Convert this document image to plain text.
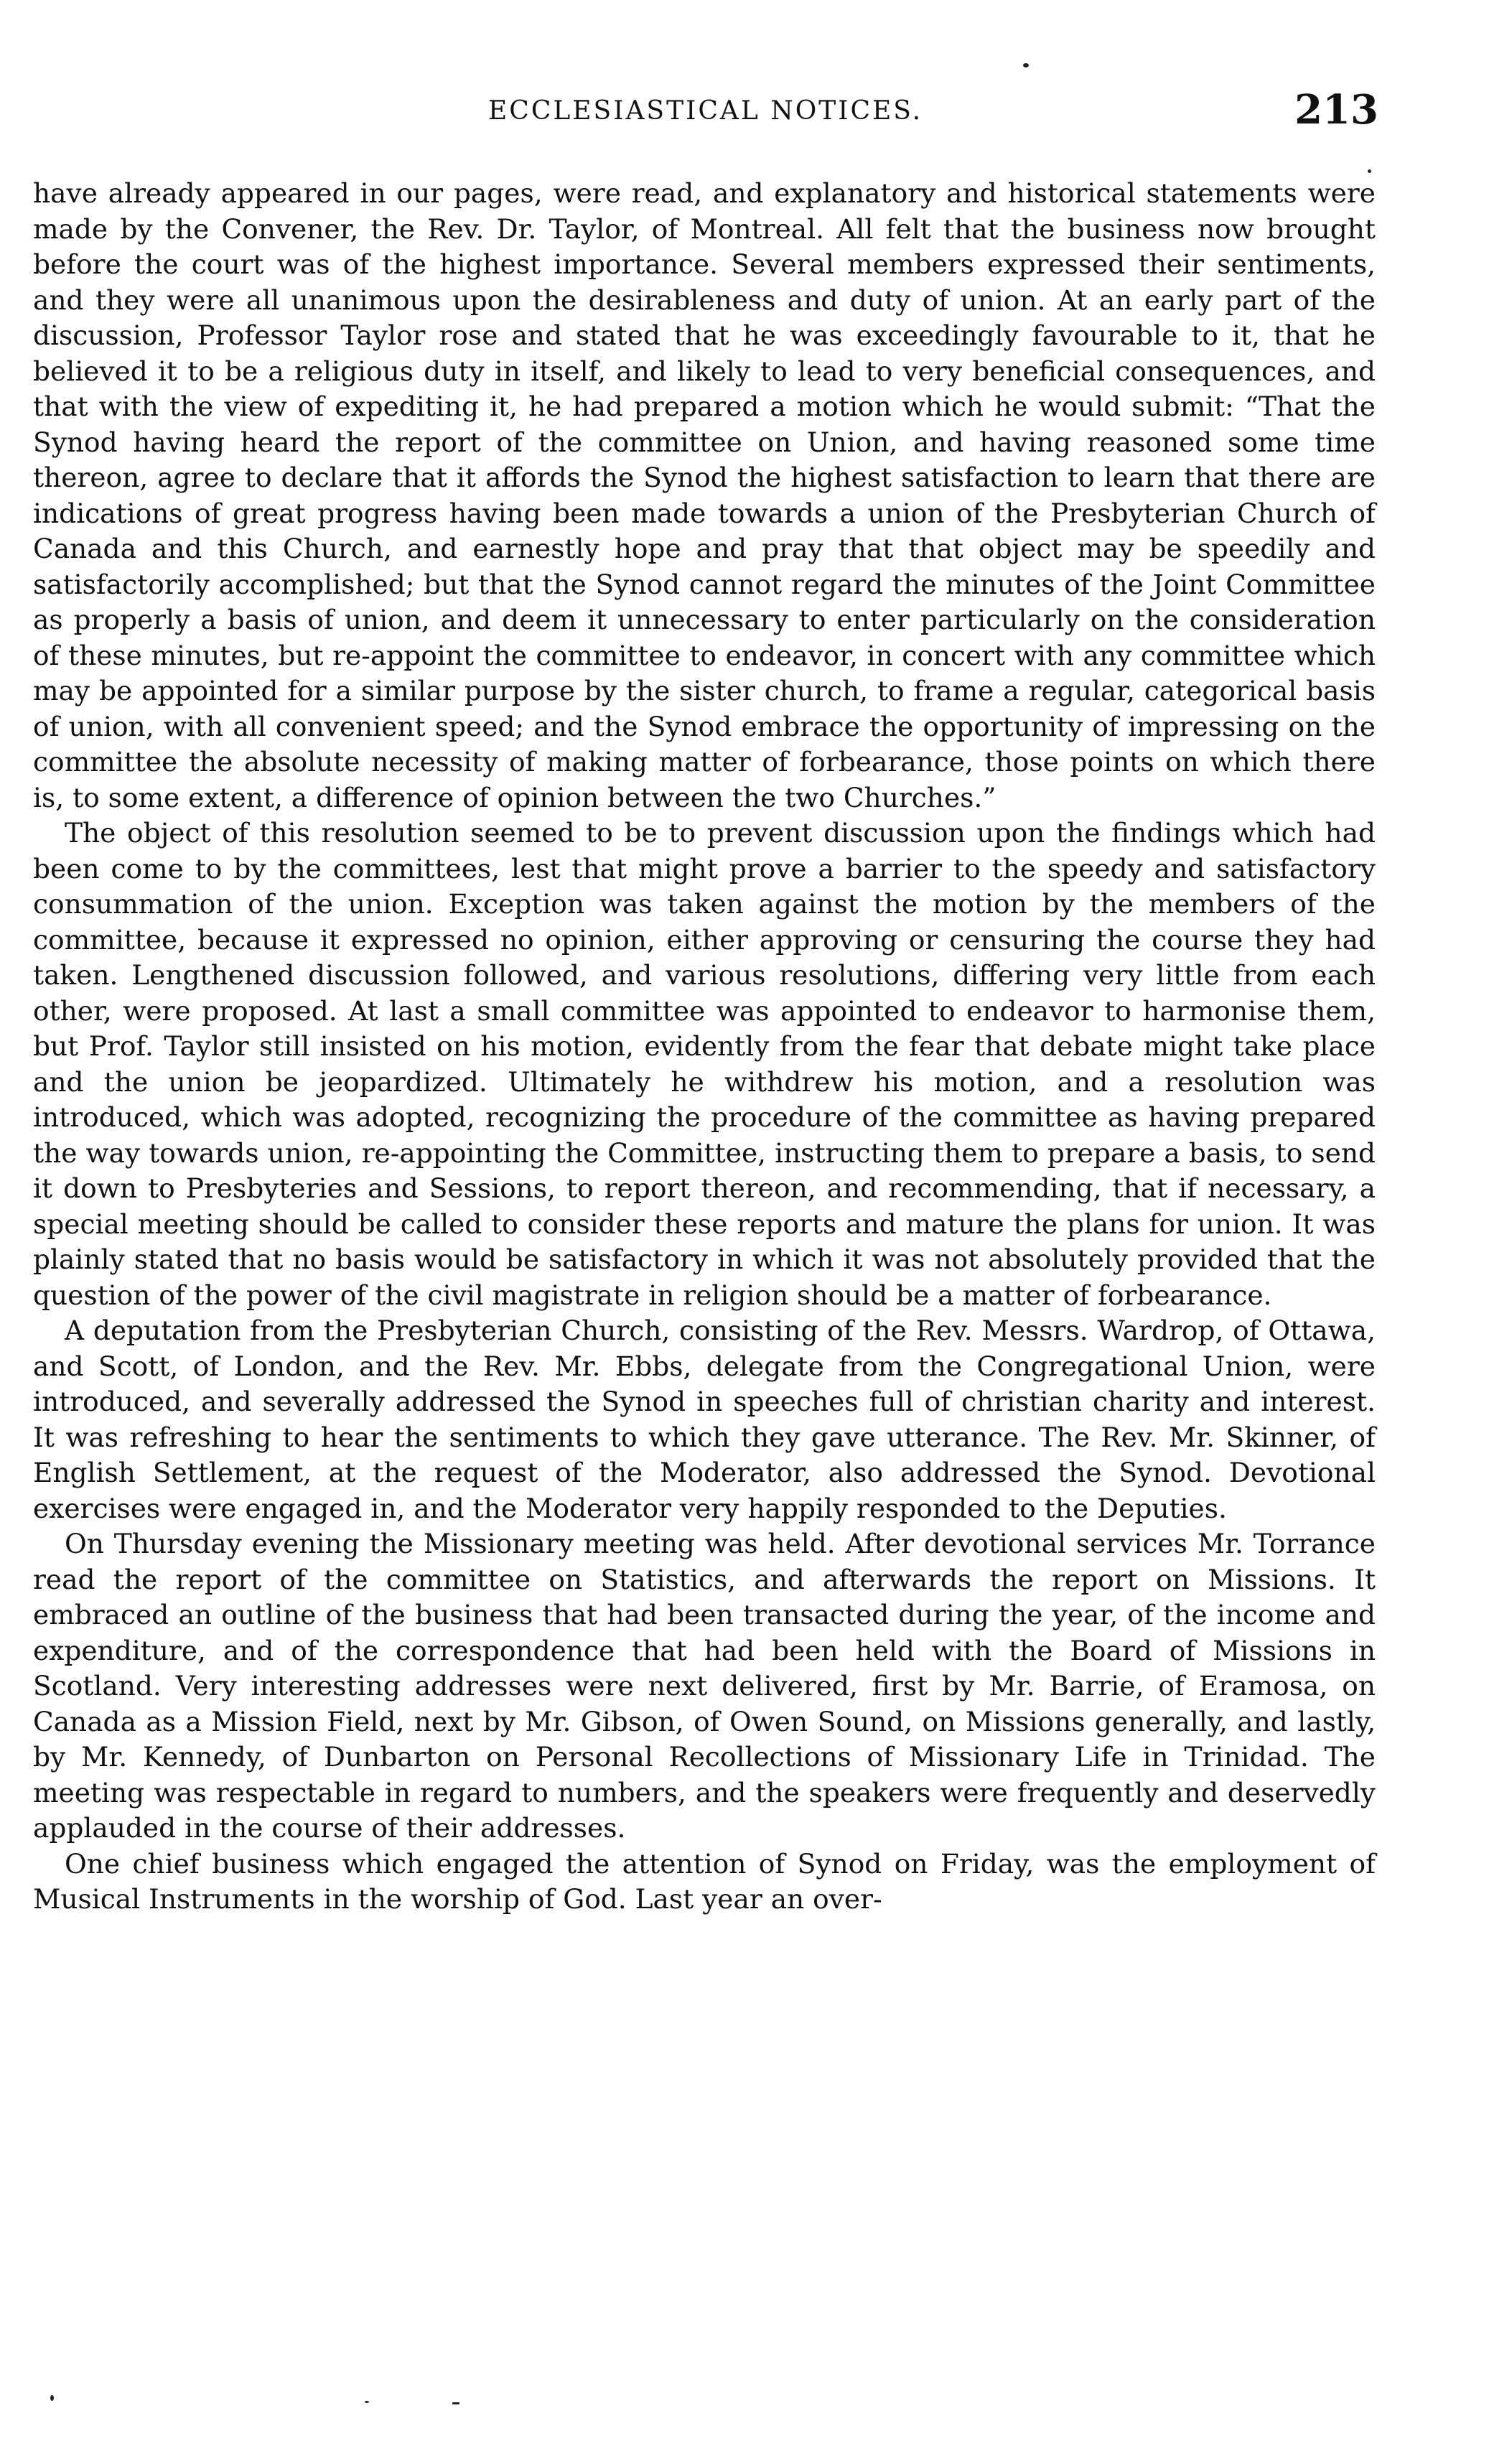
ECCLESIASTICAL NOTICES.	213

have already appeared in our pages, were read, and explanatory and historical statements were made by the Convener, the Rev. Dr. Taylor, of Montreal. All felt that the business now brought before the court was of the highest importance. Several members expressed their sentiments, and they were all unanimous upon the desirableness and duty of union. At an early part of the discussion, Professor Taylor rose and stated that he was exceedingly favourable to it, that he believed it to be a religious duty in itself, and likely to lead to very beneficial consequences, and that with the view of expediting it, he had prepared a motion which he would submit: “That the Synod having heard the report of the committee on Union, and having reasoned some time thereon, agree to declare that it affords the Synod the highest satisfaction to learn that there are indications of great progress having been made towards a union of the Presbyterian Church of Canada and this Church, and earnestly hope and pray that that object may be speedily and satisfactorily accomplished; but that the Synod cannot regard the minutes of the Joint Committee as properly a basis of union, and deem it unnecessary to enter particularly on the consideration of these minutes, but re-appoint the committee to endeavor, in concert with any committee which may be appointed for a similar purpose by the sister church, to frame a regular, categorical basis of union, with all convenient speed; and the Synod embrace the opportunity of impressing on the committee the absolute necessity of making matter of forbearance, those points on which there is, to some extent, a difference of opinion between the two Churches.”

The object of this resolution seemed to be to prevent discussion upon the findings which had been come to by the committees, lest that might prove a barrier to the speedy and satisfactory consummation of the union. Exception was taken against the motion by the members of the committee, because it expressed no opinion, either approving or censuring the course they had taken. Lengthened discussion followed, and various resolutions, differing very little from each other, were proposed. At last a small committee was appointed to endeavor to harmonise them, but Prof. Taylor still insisted on his motion, evidently from the fear that debate might take place and the union be jeopardized. Ultimately he withdrew his motion, and a resolution was introduced, which was adopted, recognizing the procedure of the committee as having prepared the way towards union, re-appointing the Committee, instructing them to prepare a basis, to send it down to Presbyteries and Sessions, to report thereon, and recommending, that if necessary, a special meeting should be called to consider these reports and mature the plans for union. It was plainly stated that no basis would be satisfactory in which it was not absolutely provided that the question of the power of the civil magistrate in religion should be a matter of forbearance.

A deputation from the Presbyterian Church, consisting of the Rev. Messrs. Wardrop, of Ottawa, and Scott, of London, and the Rev. Mr. Ebbs, delegate from the Congregational Union, were introduced, and severally addressed the Synod in speeches full of christian charity and interest. It was refreshing to hear the sentiments to which they gave utterance. The Rev. Mr. Skinner, of English Settlement, at the request of the Moderator, also addressed the Synod. Devotional exercises were engaged in, and the Moderator very happily responded to the Deputies.

On Thursday evening the Missionary meeting was held. After devotional services Mr. Torrance read the report of the committee on Statistics, and afterwards the report on Missions. It embraced an outline of the business that had been transacted during the year, of the income and expenditure, and of the correspondence that had been held with the Board of Missions in Scotland. Very interesting addresses were next delivered, first by Mr. Barrie, of Eramosa, on Canada as a Mission Field, next by Mr. Gibson, of Owen Sound, on Missions generally, and lastly, by Mr. Kennedy, of Dunbarton on Personal Recollections of Missionary Life in Trinidad. The meeting was respectable in regard to numbers, and the speakers were frequently and deservedly applauded in the course of their addresses.

One chief business which engaged the attention of Synod on Friday, was the employment of Musical Instruments in the worship of God. Last year an over-
